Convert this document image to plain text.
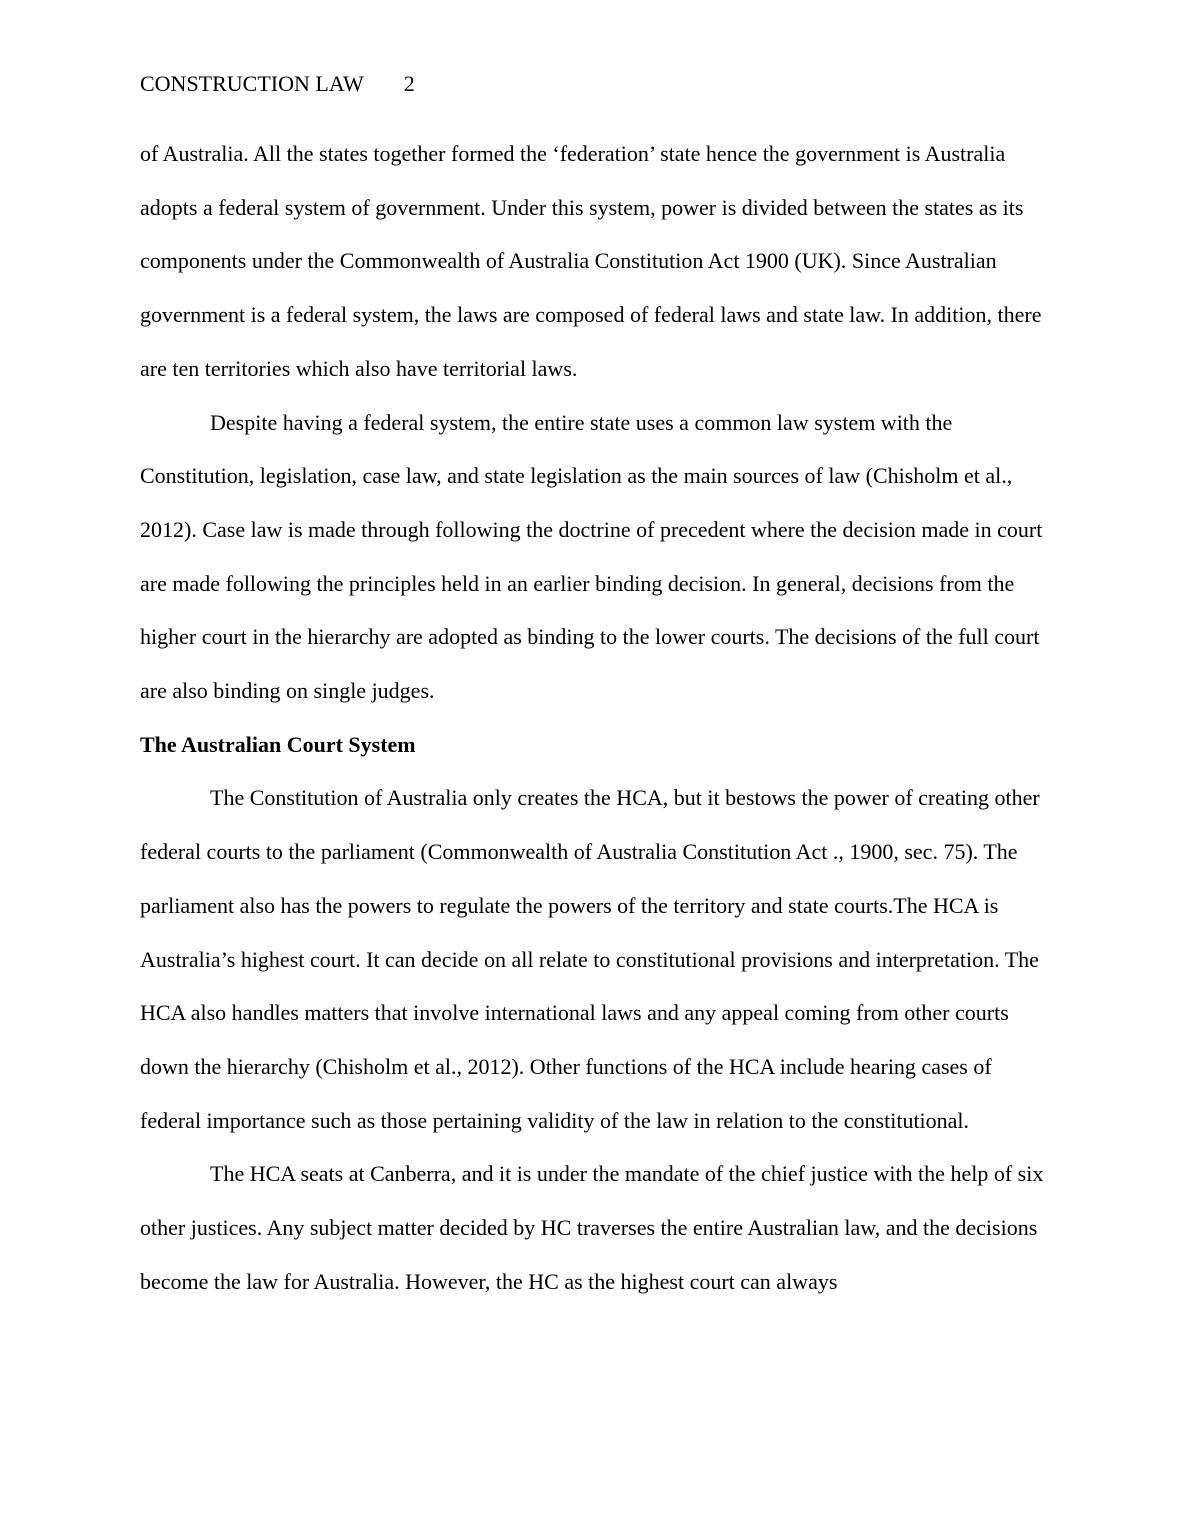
CONSTRUCTION LAW 2

of Australia. All the states together formed the ‘federation’ state hence the government is Australia adopts a federal system of government. Under this system, power is divided between the states as its components under the Commonwealth of Australia Constitution Act 1900 (UK). Since Australian government is a federal system, the laws are composed of federal laws and state law. In addition, there are ten territories which also have territorial laws.

Despite having a federal system, the entire state uses a common law system with the Constitution, legislation, case law, and state legislation as the main sources of law (Chisholm et al., 2012). Case law is made through following the doctrine of precedent where the decision made in court are made following the principles held in an earlier binding decision. In general, decisions from the higher court in the hierarchy are adopted as binding to the lower courts. The decisions of the full court are also binding on single judges.

The Australian Court System

The Constitution of Australia only creates the HCA, but it bestows the power of creating other federal courts to the parliament (Commonwealth of Australia Constitution Act ., 1900, sec. 75). The parliament also has the powers to regulate the powers of the territory and state courts.The HCA is Australia’s highest court. It can decide on all relate to constitutional provisions and interpretation. The HCA also handles matters that involve international laws and any appeal coming from other courts down the hierarchy (Chisholm et al., 2012). Other functions of the HCA include hearing cases of federal importance such as those pertaining validity of the law in relation to the constitutional.

The HCA seats at Canberra, and it is under the mandate of the chief justice with the help of six other justices. Any subject matter decided by HC traverses the entire Australian law, and the decisions become the law for Australia. However, the HC as the highest court can always
